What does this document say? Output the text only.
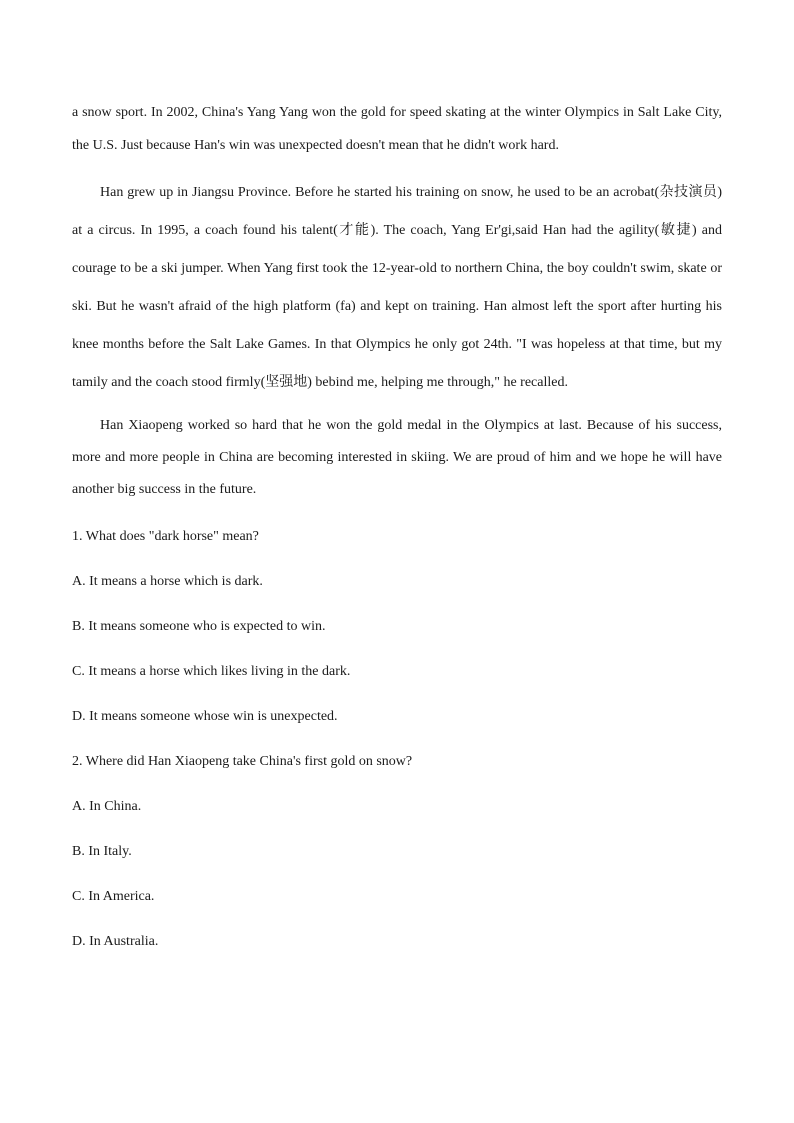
a snow sport. In 2002, China's Yang Yang won the gold for speed skating at the winter Olympics in Salt Lake City, the U.S. Just because Han's win was unexpected doesn't mean that he didn't work hard.

Han grew up in Jiangsu Province. Before he started his training on snow, he used to be an acrobat(杂技演员) at a circus. In 1995, a coach found his talent(才能). The coach, Yang Er'gi,said Han had the agility(敏捷) and courage to be a ski jumper. When Yang first took the 12-year-old to northern China, the boy couldn't swim, skate or ski. But he wasn't afraid of the high platform (fa) and kept on training. Han almost left the sport after hurting his knee months before the Salt Lake Games. In that Olympics he only got 24th. "I was hopeless at that time, but my tamily and the coach stood firmly(坚强地) bebind me, helping me through," he recalled.

Han Xiaopeng worked so hard that he won the gold medal in the Olympics at last. Because of his success, more and more people in China are becoming interested in skiing. We are proud of him and we hope he will have another big success in the future.

1. What does "dark horse" mean?

A. It means a horse which is dark.

B. It means someone who is expected to win.

C. It means a horse which likes living in the dark.

D. It means someone whose win is unexpected.

2. Where did Han Xiaopeng take China's first gold on snow?

A. In China.

B. In Italy.

C. In America.

D. In Australia.
